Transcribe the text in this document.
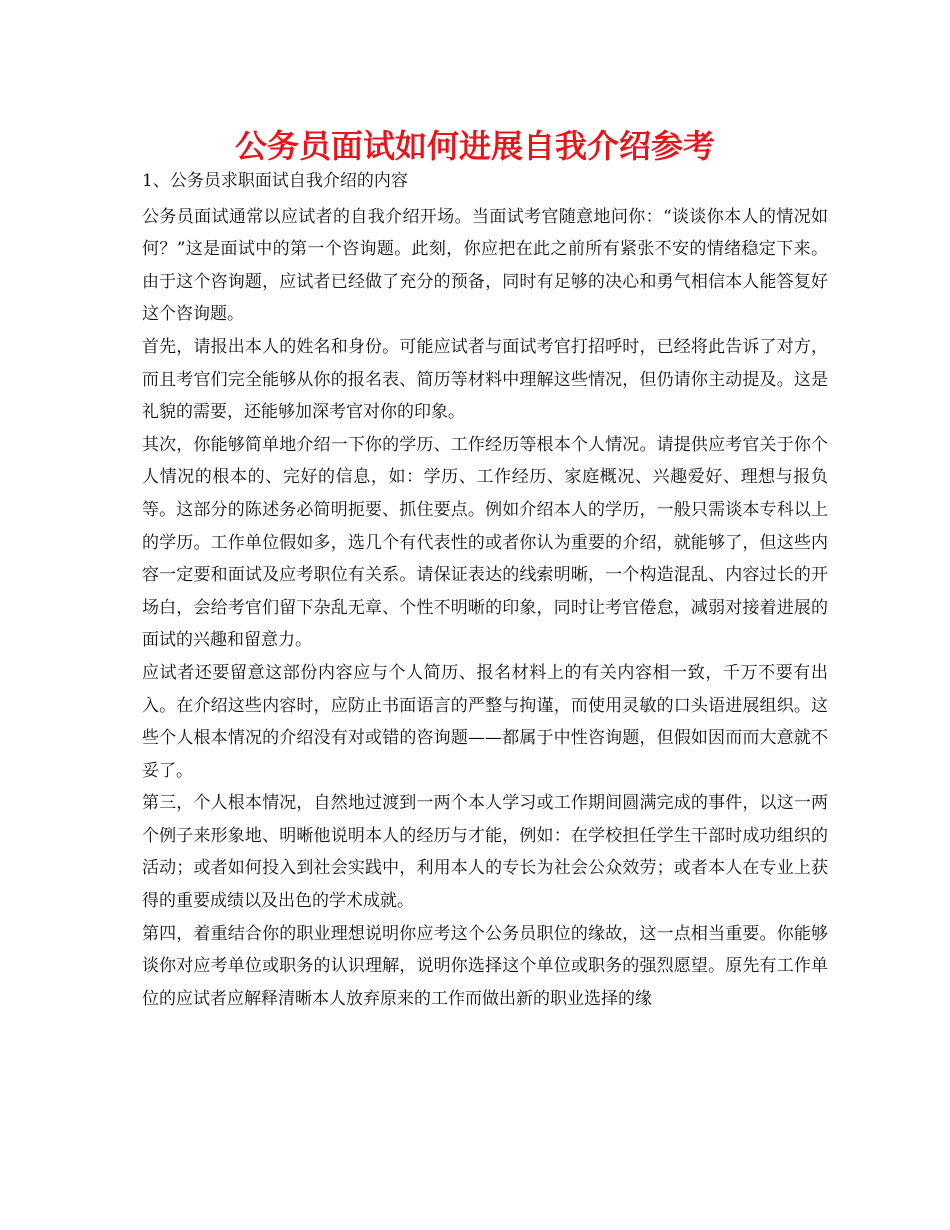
公务员面试如何进展自我介绍参考

1、公务员求职面试自我介绍的内容

公务员面试通常以应试者的自我介绍开场。当面试考官随意地问你：“谈谈你本人的情况如何？”这是面试中的第一个咨询题。此刻，你应把在此之前所有紧张不安的情绪稳定下来。由于这个咨询题，应试者已经做了充分的预备，同时有足够的决心和勇气相信本人能答复好这个咨询题。

首先，请报出本人的姓名和身份。可能应试者与面试考官打招呼时，已经将此告诉了对方，而且考官们完全能够从你的报名表、简历等材料中理解这些情况，但仍请你主动提及。这是礼貌的需要，还能够加深考官对你的印象。

其次，你能够简单地介绍一下你的学历、工作经历等根本个人情况。请提供应考官关于你个人情况的根本的、完好的信息，如：学历、工作经历、家庭概况、兴趣爱好、理想与报负等。这部分的陈述务必简明扼要、抓住要点。例如介绍本人的学历，一般只需谈本专科以上的学历。工作单位假如多，选几个有代表性的或者你认为重要的介绍，就能够了，但这些内容一定要和面试及应考职位有关系。请保证表达的线索明晰，一个构造混乱、内容过长的开场白，会给考官们留下杂乱无章、个性不明晰的印象，同时让考官倦怠，减弱对接着进展的面试的兴趣和留意力。

应试者还要留意这部份内容应与个人简历、报名材料上的有关内容相一致，千万不要有出入。在介绍这些内容时，应防止书面语言的严整与拘谨，而使用灵敏的口头语进展组织。这些个人根本情况的介绍没有对或错的咨询题——都属于中性咨询题，但假如因而而大意就不妥了。

第三，个人根本情况，自然地过渡到一两个本人学习或工作期间圆满完成的事件，以这一两个例子来形象地、明晰他说明本人的经历与才能，例如：在学校担任学生干部时成功组织的活动；或者如何投入到社会实践中，利用本人的专长为社会公众效劳；或者本人在专业上获得的重要成绩以及出色的学术成就。

第四，着重结合你的职业理想说明你应考这个公务员职位的缘故，这一点相当重要。你能够谈你对应考单位或职务的认识理解，说明你选择这个单位或职务的强烈愿望。原先有工作单位的应试者应解释清晰本人放弃原来的工作而做出新的职业选择的缘
